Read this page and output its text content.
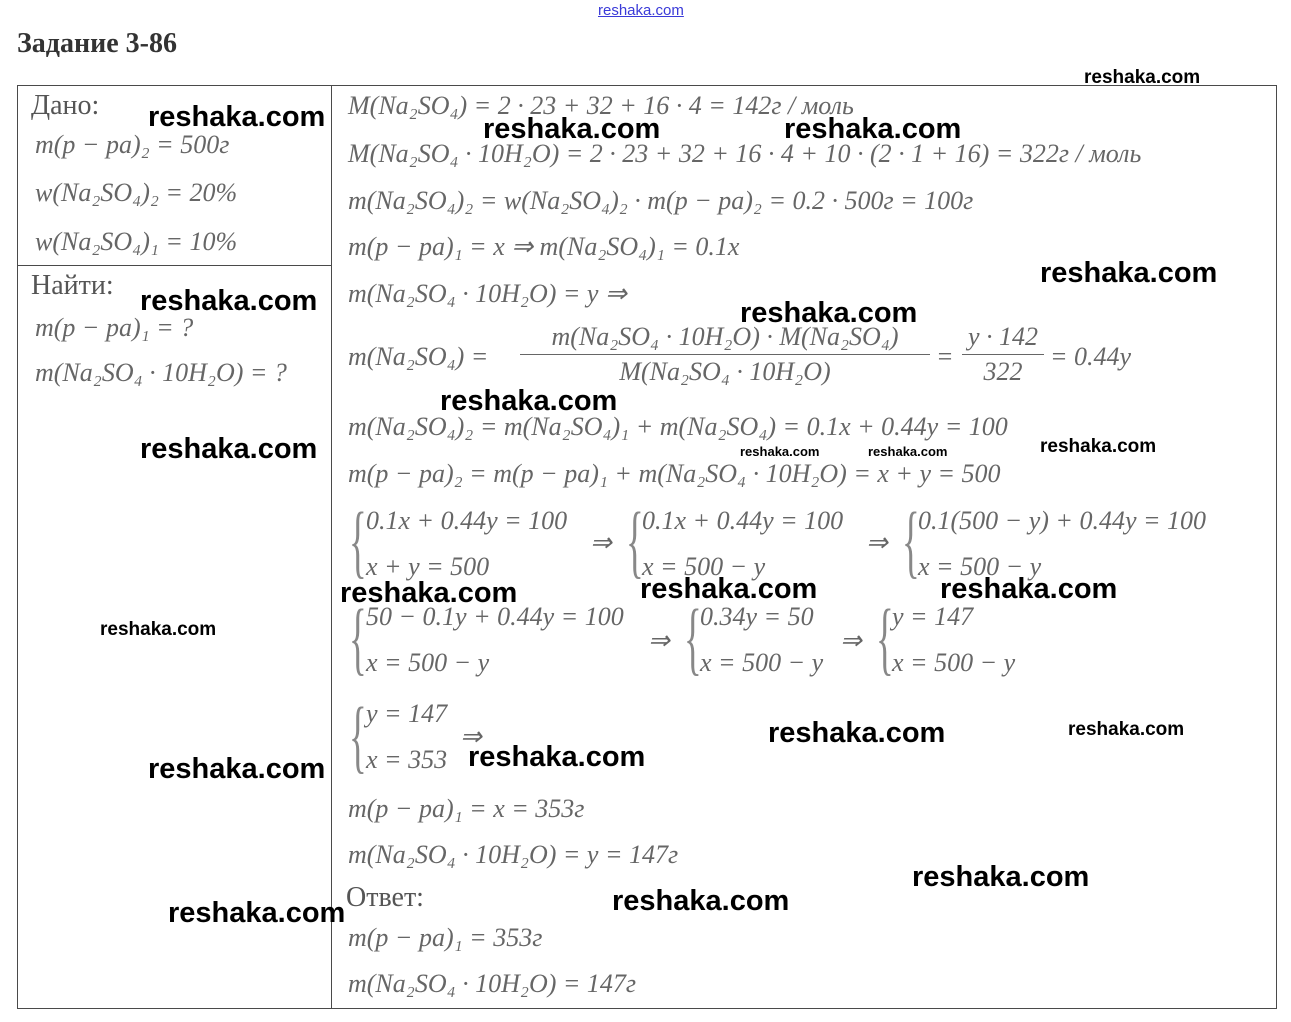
reshaka.com
Задание 3-86
Дано:
m(p − pa)₂ = 500г
w(Na₂SO₄)₂ = 20%
w(Na₂SO₄)₁ = 10%
Найти:
m(p − pa)₁ = ?
m(Na₂SO₄ · 10H₂O) = ?
M(Na₂SO₄) = 2 · 23 + 32 + 16 · 4 = 142г / моль
M(Na₂SO₄ · 10H₂O) = 2 · 23 + 32 + 16 · 4 + 10 · (2 · 1 + 16) = 322г / моль
m(Na₂SO₄)₂ = w(Na₂SO₄)₂ · m(p − pa)₂ = 0.2 · 500г = 100г
m(p − pa)₁ = x ⇒ m(Na₂SO₄)₁ = 0.1x
m(Na₂SO₄ · 10H₂O) = y ⇒
m(Na₂SO₄) =
m(Na₂SO₄ · 10H₂O) · M(Na₂SO₄)
M(Na₂SO₄ · 10H₂O)
=
y · 142
322
= 0.44y
m(Na₂SO₄)₂ = m(Na₂SO₄)₁ + m(Na₂SO₄) = 0.1x + 0.44y = 100
m(p − pa)₂ = m(p − pa)₁ + m(Na₂SO₄ · 10H₂O) = x + y = 500
{ 0.1x + 0.44y = 100
x + y = 500
⇒ {
0.1x + 0.44y = 100
x = 500 − y
⇒ {
0.1(500 − y) + 0.44y = 100
x = 500 − y
{ 50 − 0.1y + 0.44y = 100
x = 500 − y
⇒ {
0.34y = 50
x = 500 − y
⇒ {
y = 147
x = 500 − y
{ y = 147
x = 353
⇒
m(p − pa)₁ = x = 353г
m(Na₂SO₄ · 10H₂O) = y = 147г
Ответ:
m(p − pa)₁ = 353г
m(Na₂SO₄ · 10H₂O) = 147г
reshaka.com
reshaka.com	reshaka.com	reshaka.com
reshaka.com
reshaka.com	reshaka.com
reshaka.com
reshaka.com	reshaka.com
reshaka.com	reshaka.com
reshaka.com	reshaka.com
reshaka.com
reshaka.com
reshaka.com
reshaka.com
reshaka.com
reshaka.com
reshaka.com
reshaka.com
reshaka.com
